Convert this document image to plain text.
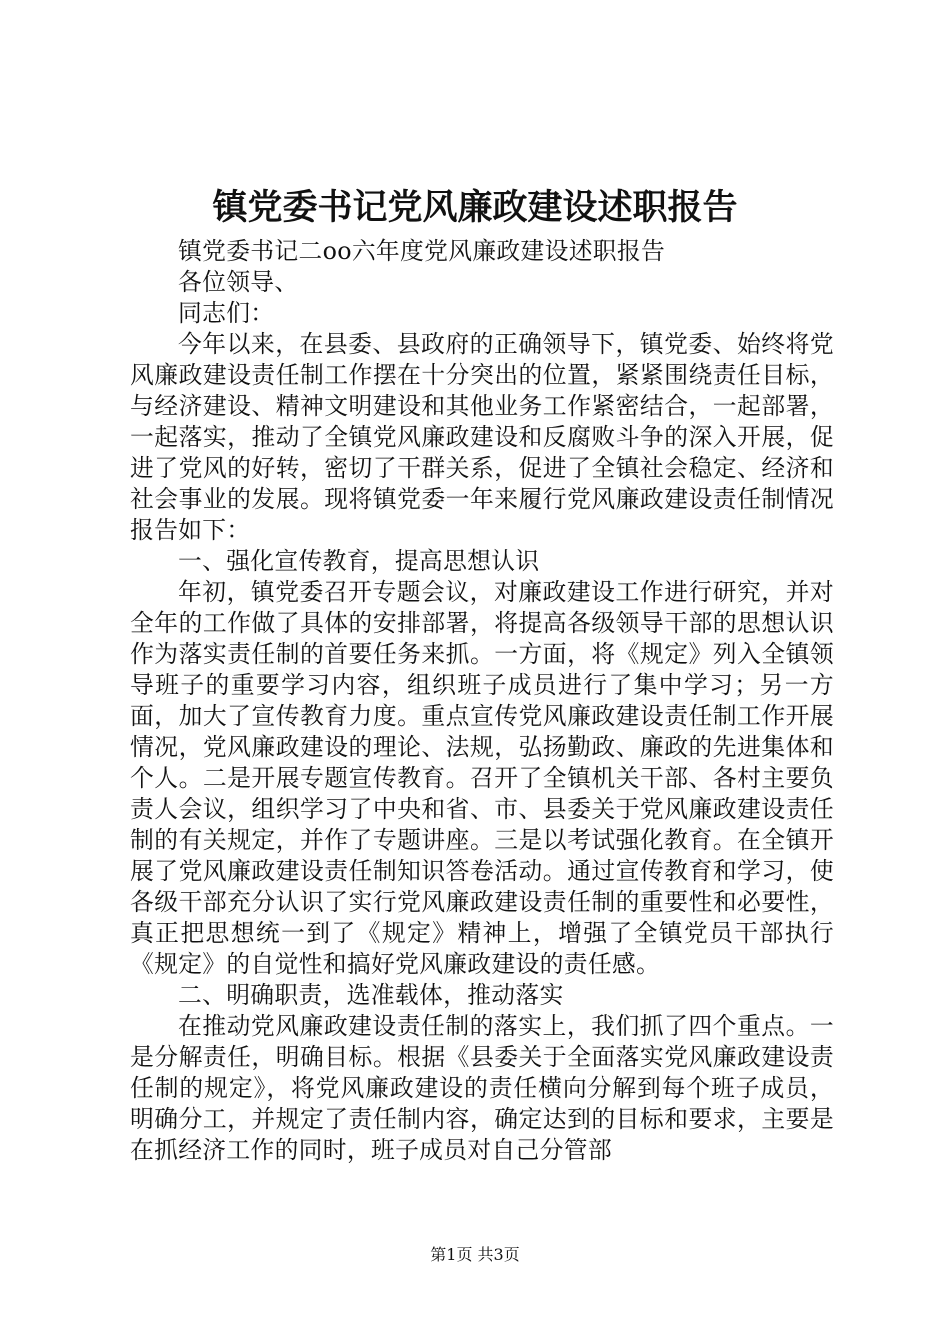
镇党委书记党风廉政建设述职报告

镇党委书记二oo六年度党风廉政建设述职报告

各位领导、

同志们：

今年以来，在县委、县政府的正确领导下，镇党委、始终将党风廉政建设责任制工作摆在十分突出的位置，紧紧围绕责任目标，与经济建设、精神文明建设和其他业务工作紧密结合，一起部署，一起落实，推动了全镇党风廉政建设和反腐败斗争的深入开展，促进了党风的好转，密切了干群关系，促进了全镇社会稳定、经济和社会事业的发展。现将镇党委一年来履行党风廉政建设责任制情况报告如下：

一、强化宣传教育，提高思想认识

年初，镇党委召开专题会议，对廉政建设工作进行研究，并对全年的工作做了具体的安排部署，将提高各级领导干部的思想认识作为落实责任制的首要任务来抓。一方面，将《规定》列入全镇领导班子的重要学习内容，组织班子成员进行了集中学习；另一方面，加大了宣传教育力度。重点宣传党风廉政建设责任制工作开展情况，党风廉政建设的理论、法规，弘扬勤政、廉政的先进集体和个人。二是开展专题宣传教育。召开了全镇机关干部、各村主要负责人会议，组织学习了中央和省、市、县委关于党风廉政建设责任制的有关规定，并作了专题讲座。三是以考试强化教育。在全镇开展了党风廉政建设责任制知识答卷活动。通过宣传教育和学习，使各级干部充分认识了实行党风廉政建设责任制的重要性和必要性，真正把思想统一到了《规定》精神上，增强了全镇党员干部执行《规定》的自觉性和搞好党风廉政建设的责任感。

二、明确职责，选准载体，推动落实

在推动党风廉政建设责任制的落实上，我们抓了四个重点。一是分解责任，明确目标。根据《县委关于全面落实党风廉政建设责任制的规定》，将党风廉政建设的责任横向分解到每个班子成员，明确分工，并规定了责任制内容，确定达到的目标和要求，主要是在抓经济工作的同时，班子成员对自己分管部

第1页 共3页
